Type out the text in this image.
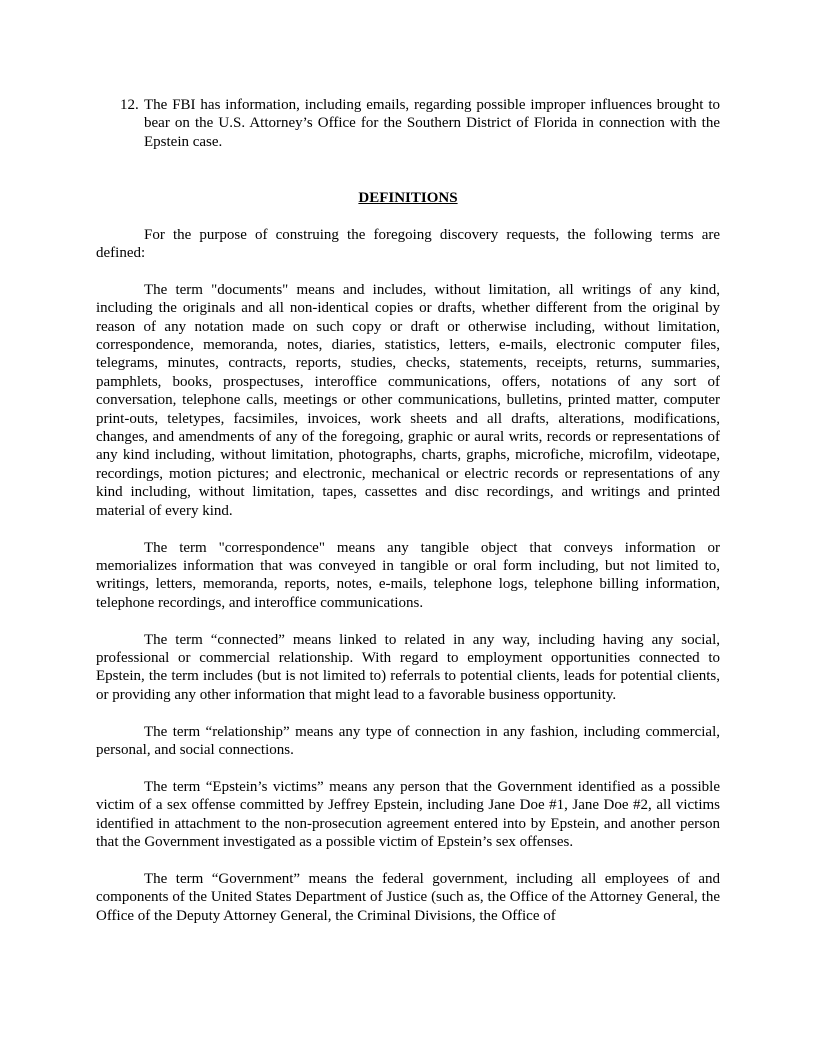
12. The FBI has information, including emails, regarding possible improper influences brought to bear on the U.S. Attorney’s Office for the Southern District of Florida in connection with the Epstein case.
DEFINITIONS

For the purpose of construing the foregoing discovery requests, the following terms are defined:

The term "documents" means and includes, without limitation, all writings of any kind, including the originals and all non-identical copies or drafts, whether different from the original by reason of any notation made on such copy or draft or otherwise including, without limitation, correspondence, memoranda, notes, diaries, statistics, letters, e-mails, electronic computer files, telegrams, minutes, contracts, reports, studies, checks, statements, receipts, returns, summaries, pamphlets, books, prospectuses, interoffice communications, offers, notations of any sort of conversation, telephone calls, meetings or other communications, bulletins, printed matter, computer print-outs, teletypes, facsimiles, invoices, work sheets and all drafts, alterations, modifications, changes, and amendments of any of the foregoing, graphic or aural writs, records or representations of any kind including, without limitation, photographs, charts, graphs, microfiche, microfilm, videotape, recordings, motion pictures; and electronic, mechanical or electric records or representations of any kind including, without limitation, tapes, cassettes and disc recordings, and writings and printed material of every kind.

The term "correspondence" means any tangible object that conveys information or memorializes information that was conveyed in tangible or oral form including, but not limited to, writings, letters, memoranda, reports, notes, e-mails, telephone logs, telephone billing information, telephone recordings, and interoffice communications.

The term “connected” means linked to related in any way, including having any social, professional or commercial relationship. With regard to employment opportunities connected to Epstein, the term includes (but is not limited to) referrals to potential clients, leads for potential clients, or providing any other information that might lead to a favorable business opportunity.

The term “relationship” means any type of connection in any fashion, including commercial, personal, and social connections.

The term “Epstein’s victims” means any person that the Government identified as a possible victim of a sex offense committed by Jeffrey Epstein, including Jane Doe #1, Jane Doe #2, all victims identified in attachment to the non-prosecution agreement entered into by Epstein, and another person that the Government investigated as a possible victim of Epstein’s sex offenses.

The term “Government” means the federal government, including all employees of and components of the United States Department of Justice (such as, the Office of the Attorney General, the Office of the Deputy Attorney General, the Criminal Divisions, the Office of
